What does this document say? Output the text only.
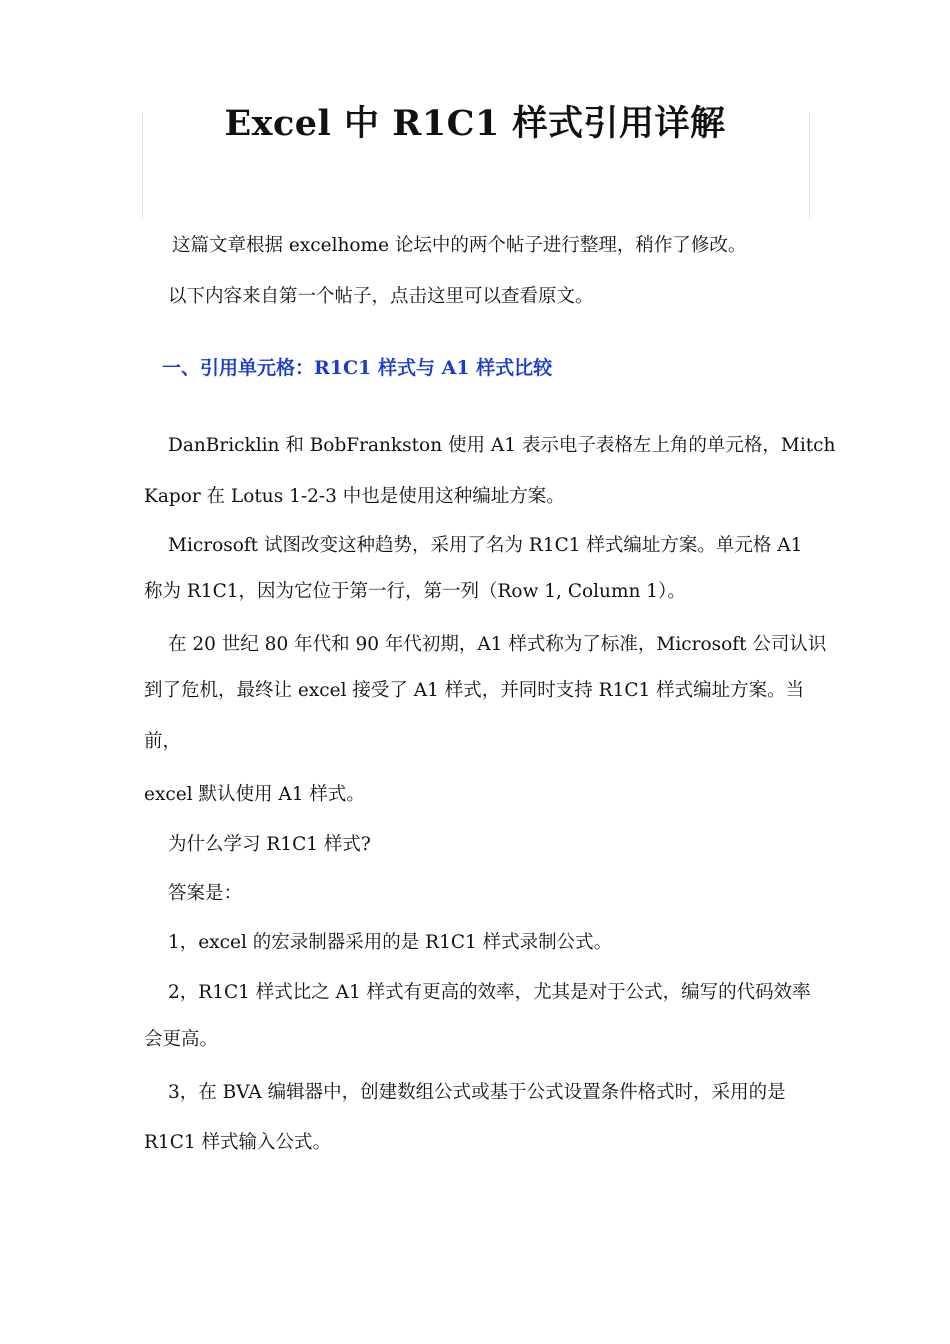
Excel 中 R1C1 样式引用详解

这篇文章根据 excelhome 论坛中的两个帖子进行整理，稍作了修改。

以下内容来自第一个帖子，点击这里可以查看原文。

一、引用单元格：R1C1 样式与 A1 样式比较

DanBricklin 和 BobFrankston 使用 A1 表示电子表格左上角的单元格，Mitch

Kapor 在 Lotus 1-2-3 中也是使用这种编址方案。

Microsoft 试图改变这种趋势，采用了名为 R1C1 样式编址方案。单元格 A1

称为 R1C1，因为它位于第一行，第一列（Row 1, Column 1）。

在 20 世纪 80 年代和 90 年代初期，A1 样式称为了标准，Microsoft 公司认识

到了危机，最终让 excel 接受了 A1 样式，并同时支持 R1C1 样式编址方案。当

前，

excel 默认使用 A1 样式。

为什么学习 R1C1 样式?

答案是：

1，excel 的宏录制器采用的是 R1C1 样式录制公式。

2，R1C1 样式比之 A1 样式有更高的效率，尤其是对于公式，编写的代码效率

会更高。

3，在 BVA 编辑器中，创建数组公式或基于公式设置条件格式时，采用的是

R1C1 样式输入公式。
